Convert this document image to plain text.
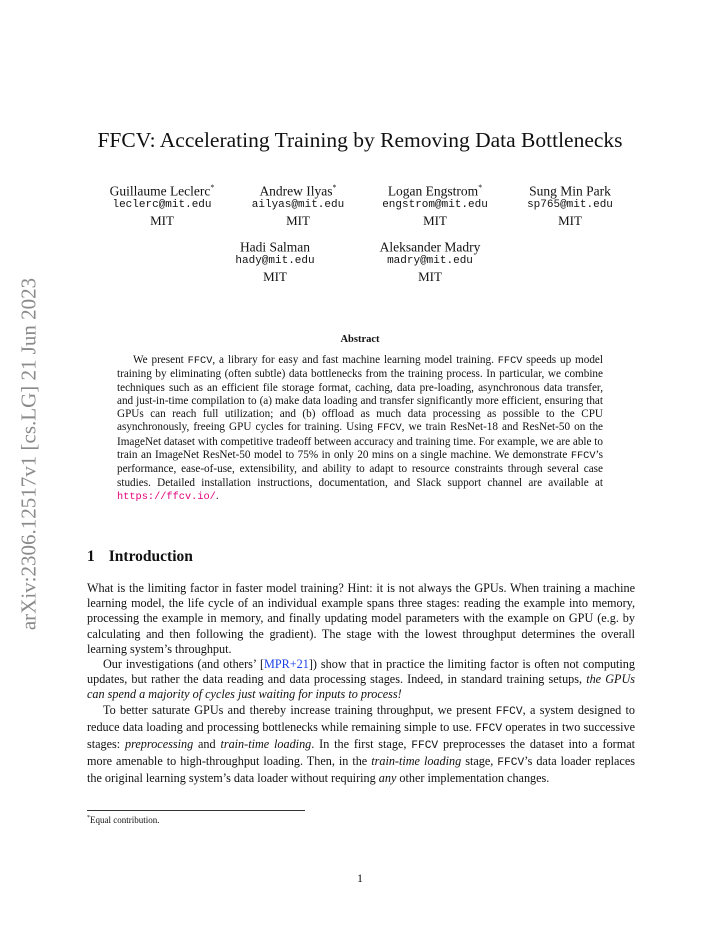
arXiv:2306.12517v1 [cs.LG] 21 Jun 2023
FFCV: Accelerating Training by Removing Data Bottlenecks
Guillaume Leclerc*
leclerc@mit.edu
MIT
Andrew Ilyas*
ailyas@mit.edu
MIT
Logan Engstrom*
engstrom@mit.edu
MIT
Sung Min Park
sp765@mit.edu
MIT
Hadi Salman
hady@mit.edu
MIT
Aleksander Madry
madry@mit.edu
MIT
Abstract
We present FFCV, a library for easy and fast machine learning model training. FFCV speeds up model training by eliminating (often subtle) data bottlenecks from the training process. In particular, we combine techniques such as an efficient file storage format, caching, data pre-loading, asynchronous data transfer, and just-in-time compilation to (a) make data loading and transfer significantly more efficient, ensuring that GPUs can reach full utilization; and (b) offload as much data processing as possible to the CPU asynchronously, freeing GPU cycles for training. Using FFCV, we train ResNet-18 and ResNet-50 on the ImageNet dataset with competitive tradeoff between accuracy and training time. For example, we are able to train an ImageNet ResNet-50 model to 75% in only 20 mins on a single machine. We demonstrate FFCV’s performance, ease-of-use, extensibility, and ability to adapt to resource constraints through several case studies. Detailed installation instructions, documentation, and Slack support channel are available at https://ffcv.io/.
1 Introduction

What is the limiting factor in faster model training? Hint: it is not always the GPUs. When training a machine learning model, the life cycle of an individual example spans three stages: reading the example into memory, processing the example in memory, and finally updating model parameters with the example on GPU (e.g. by calculating and then following the gradient). The stage with the lowest throughput determines the overall learning system’s throughput.

Our investigations (and others’ [MPR+21]) show that in practice the limiting factor is often not computing updates, but rather the data reading and data processing stages. Indeed, in standard training setups, the GPUs can spend a majority of cycles just waiting for inputs to process!

To better saturate GPUs and thereby increase training throughput, we present FFCV, a system designed to reduce data loading and processing bottlenecks while remaining simple to use. FFCV operates in two successive stages: preprocessing and train-time loading. In the first stage, FFCV preprocesses the dataset into a format more amenable to high-throughput loading. Then, in the train-time loading stage, FFCV’s data loader replaces the original learning system’s data loader without requiring any other implementation changes.

*Equal contribution.
1
